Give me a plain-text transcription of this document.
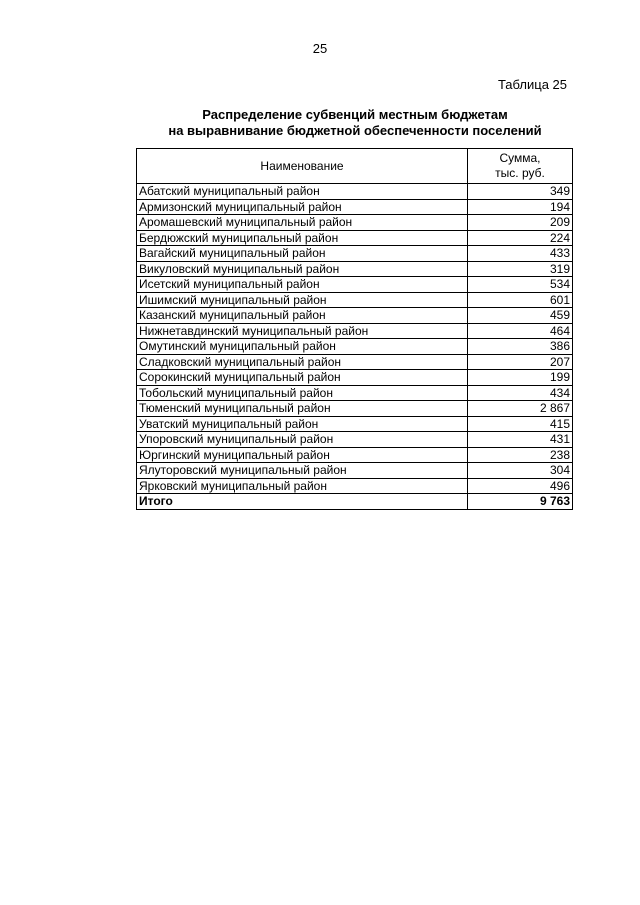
25
Таблица 25
Распределение субвенций местным бюджетам
на выравнивание бюджетной обеспеченности поселений
Наименование	Сумма,
тыс. руб.

Абатский муниципальный район	349
Армизонский муниципальный район	194
Аромашевский муниципальный район	209
Бердюжский муниципальный район	224
Вагайский муниципальный район	433
Викуловский муниципальный район	319
Исетский муниципальный район	534
Ишимский муниципальный район	601
Казанский муниципальный район	459
Нижнетавдинский муниципальный район	464
Омутинский муниципальный район	386
Сладковский муниципальный район	207
Сорокинский муниципальный район	199
Тобольский муниципальный район	434
Тюменский муниципальный район	2 867
Уватский муниципальный район	415
Упоровский муниципальный район	431
Юргинский муниципальный район	238
Ялуторовский муниципальный район	304
Ярковский муниципальный район	496
Итого	9 763
